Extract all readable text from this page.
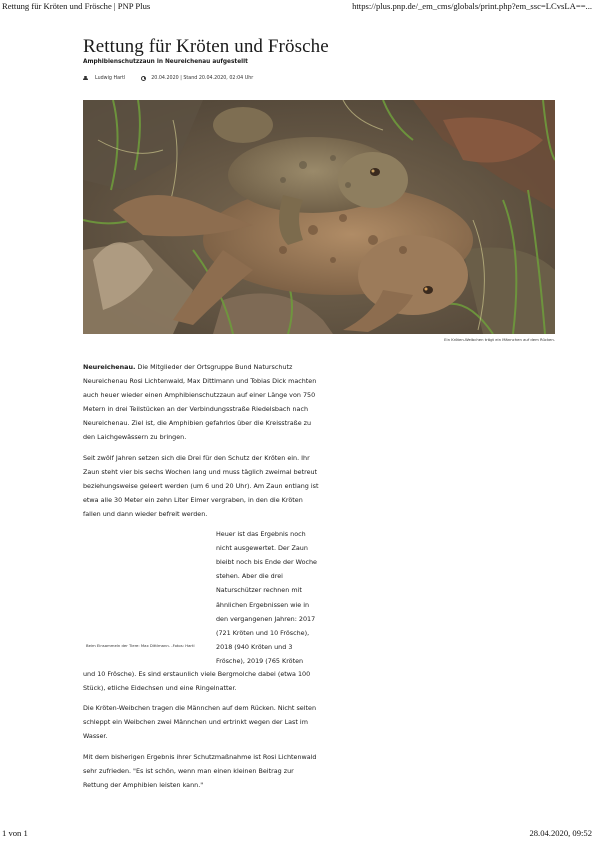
Rettung für Kröten und Frösche | PNP Plus	https://plus.pnp.de/_em_cms/globals/print.php?em_ssc=LCvsLA==...
Rettung für Kröten und Frösche
Amphibienschutzzaun in Neureichenau aufgestellt
Ludwig Hartl	20.04.2020 | Stand 20.04.2020, 02:04 Uhr
Ein Kröten-Weibchen trägt ein Männchen auf dem Rücken.

Neureichenau. Die Mitglieder der Ortsgruppe Bund Naturschutz Neureichenau Rosi Lichtenwald, Max Dittlmann und Tobias Dick machten auch heuer wieder einen Amphibienschutzzaun auf einer Länge von 750 Metern in drei Teilstücken an der Verbindungsstraße Riedelsbach nach Neureichenau. Ziel ist, die Amphibien gefahrlos über die Kreisstraße zu den Laichgewässern zu bringen.

Seit zwölf Jahren setzen sich die Drei für den Schutz der Kröten ein. Ihr Zaun steht vier bis sechs Wochen lang und muss täglich zweimal betreut beziehungsweise geleert werden (um 6 und 20 Uhr). Am Zaun entlang ist etwa alle 30 Meter ein zehn Liter Eimer vergraben, in den die Kröten fallen und dann wieder befreit werden.

Beim Einsammeln der Tiere: Max Dittlmann. -Fotos: Hartl
Heuer ist das Ergebnis noch nicht ausgewertet. Der Zaun bleibt noch bis Ende der Woche stehen. Aber die drei Naturschützer rechnen mit ähnlichen Ergebnissen wie in den vergangenen Jahren: 2017 (721 Kröten und 10 Frösche), 2018 (940 Kröten und 3 Frösche), 2019 (765 Kröten

und 10 Frösche). Es sind erstaunlich viele Bergmolche dabei (etwa 100 Stück), etliche Eidechsen und eine Ringelnatter.

Die Kröten-Weibchen tragen die Männchen auf dem Rücken. Nicht selten schleppt ein Weibchen zwei Männchen und ertrinkt wegen der Last im Wasser.

Mit dem bisherigen Ergebnis ihrer Schutzmaßnahme ist Rosi Lichtenwald sehr zufrieden. "Es ist schön, wenn man einen kleinen Beitrag zur Rettung der Amphibien leisten kann."

1 von 1	28.04.2020, 09:52
